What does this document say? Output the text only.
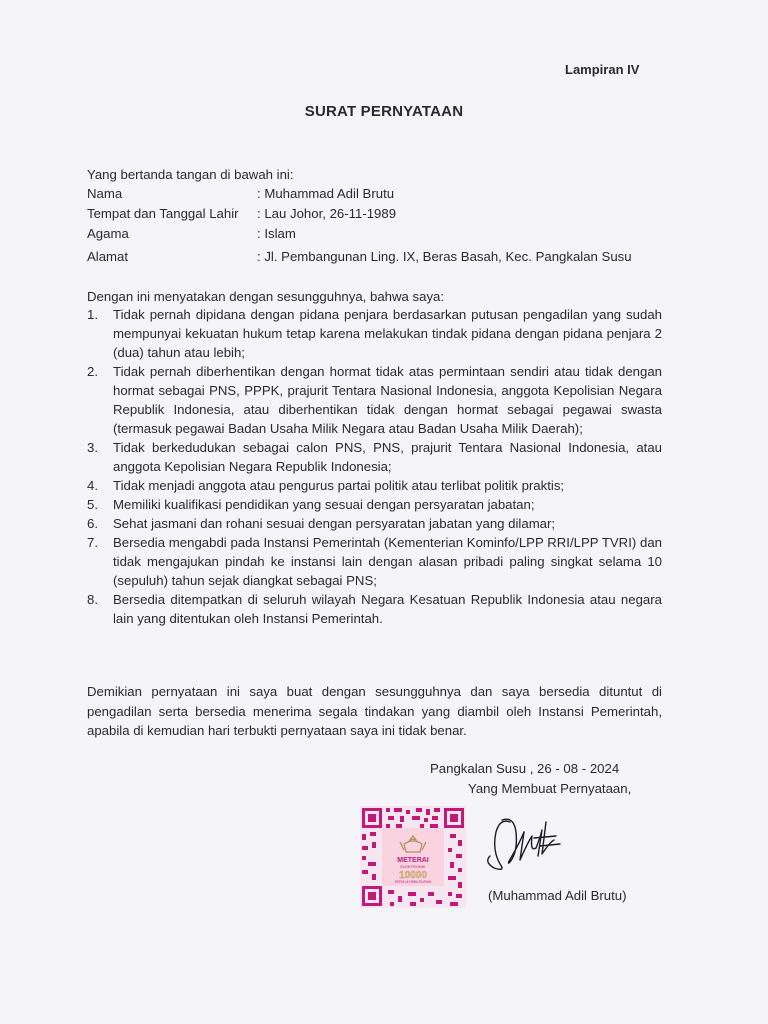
Lampiran IV
SURAT PERNYATAAN
Yang bertanda tangan di bawah ini:
Nama	: Muhammad Adil Brutu
Tempat dan Tanggal Lahir : Lau Johor, 26-11-1989
Agama	: Islam
Alamat	: Jl. Pembangunan Ling. IX, Beras Basah, Kec. Pangkalan Susu
Dengan ini menyatakan dengan sesungguhnya, bahwa saya:
1. Tidak pernah dipidana dengan pidana penjara berdasarkan putusan pengadilan yang sudah mempunyai kekuatan hukum tetap karena melakukan tindak pidana dengan pidana penjara 2 (dua) tahun atau lebih;
2. Tidak pernah diberhentikan dengan hormat tidak atas permintaan sendiri atau tidak dengan hormat sebagai PNS, PPPK, prajurit Tentara Nasional Indonesia, anggota Kepolisian Negara Republik Indonesia, atau diberhentikan tidak dengan hormat sebagai pegawai swasta (termasuk pegawai Badan Usaha Milik Negara atau Badan Usaha Milik Daerah);
3. Tidak berkedudukan sebagai calon PNS, PNS, prajurit Tentara Nasional Indonesia, atau anggota Kepolisian Negara Republik Indonesia;
4. Tidak menjadi anggota atau pengurus partai politik atau terlibat politik praktis;
5. Memiliki kualifikasi pendidikan yang sesuai dengan persyaratan jabatan;
6. Sehat jasmani dan rohani sesuai dengan persyaratan jabatan yang dilamar;
7. Bersedia mengabdi pada Instansi Pemerintah (Kementerian Kominfo/LPP RRI/LPP TVRI) dan tidak mengajukan pindah ke instansi lain dengan alasan pribadi paling singkat selama 10 (sepuluh) tahun sejak diangkat sebagai PNS;
8. Bersedia ditempatkan di seluruh wilayah Negara Kesatuan Republik Indonesia atau negara lain yang ditentukan oleh Instansi Pemerintah.
Demikian pernyataan ini saya buat dengan sesungguhnya dan saya bersedia dituntut di pengadilan serta bersedia menerima segala tindakan yang diambil oleh Instansi Pemerintah, apabila di kemudian hari terbukti pernyataan saya ini tidak benar.
Pangkalan Susu , 26 - 08 - 2024
Yang Membuat Pernyataan,
METERAI
ELEKTRONIK
10000
SEPULUH RIBU RUPIAH
(Muhammad Adil Brutu)
